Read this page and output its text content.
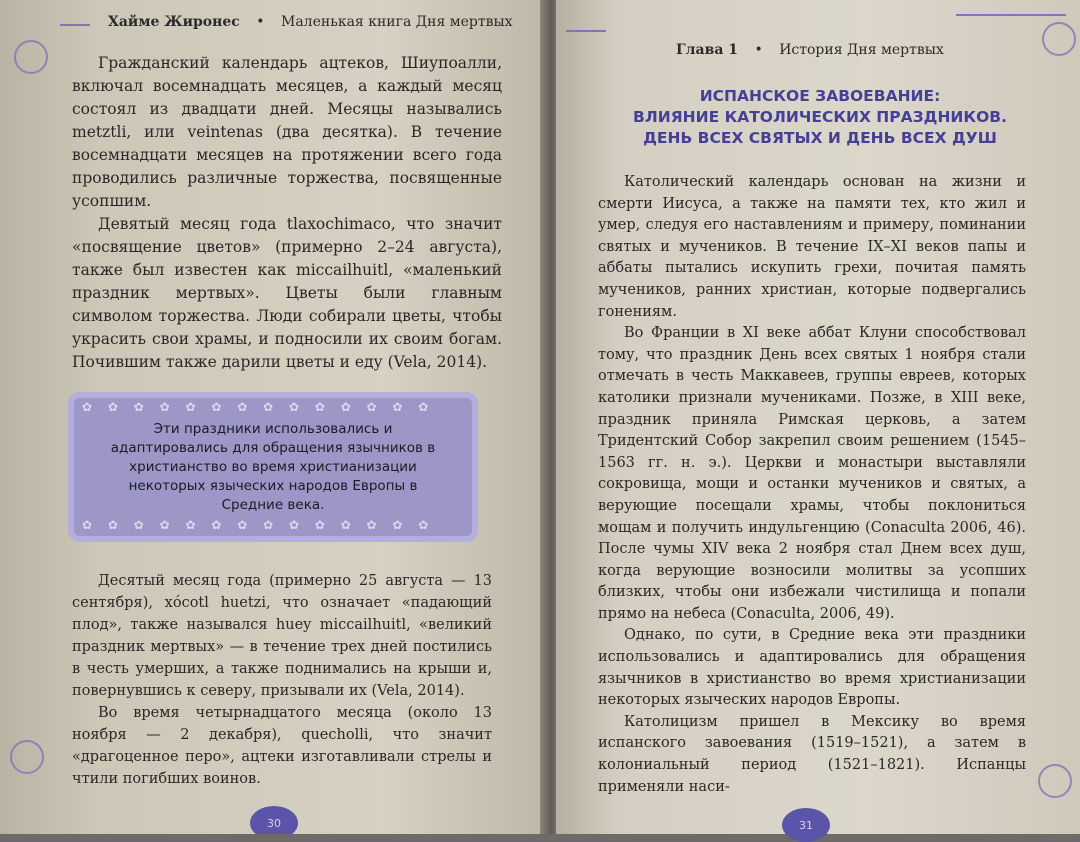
Хайме Жиронес • Маленькая книга Дня мертвых

Гражданский календарь ацтеков, Шиупоалли, включал восемнадцать месяцев, а каждый месяц состоял из двадцати дней. Месяцы назывались metztli, или veintenas (два десятка). В течение восемнадцати месяцев на протяжении всего года проводились различные торжества, посвященные усопшим.

Девятый месяц года tlaxochimaco, что значит «посвящение цветов» (примерно 2–24 августа), также был известен как miccailhuitl, «маленький праздник мертвых». Цветы были главным символом торжества. Люди собирали цветы, чтобы украсить свои храмы, и подносили их своим богам. Почившим также дарили цветы и еду (Vela, 2014).

✿ ✿ ✿ ✿ ✿ ✿ ✿ ✿ ✿ ✿ ✿ ✿ ✿ ✿
Эти праздники использовались и адаптировались для обращения язычников в христианство во время христианизации некоторых языческих народов Европы в Средние века.
✿ ✿ ✿ ✿ ✿ ✿ ✿ ✿ ✿ ✿ ✿ ✿ ✿ ✿

Десятый месяц года (примерно 25 августа — 13 сентября), xócotl huetzi, что означает «падающий плод», также назывался huey miccailhuitl, «великий праздник мертвых» — в течение трех дней постились в честь умерших, а также поднимались на крыши и, повернувшись к северу, призывали их (Vela, 2014).

Во время четырнадцатого месяца (около 13 ноября — 2 декабря), quecholli, что значит «драгоценное перо», ацтеки изготавливали стрелы и чтили погибших воинов.

30
Глава 1 • История Дня мертвых
ИСПАНСКОЕ ЗАВОЕВАНИЕ:
ВЛИЯНИЕ КАТОЛИЧЕСКИХ ПРАЗДНИКОВ.
ДЕНЬ ВСЕХ СВЯТЫХ И ДЕНЬ ВСЕХ ДУШ

Католический календарь основан на жизни и смерти Иисуса, а также на памяти тех, кто жил и умер, следуя его наставлениям и примеру, поминании святых и мучеников. В течение IX–XI веков папы и аббаты пытались искупить грехи, почитая память мучеников, ранних христиан, которые подвергались гонениям.

Во Франции в XI веке аббат Клуни способствовал тому, что праздник День всех святых 1 ноября стали отмечать в честь Маккавеев, группы евреев, которых католики признали мучениками. Позже, в XIII веке, праздник приняла Римская церковь, а затем Тридентский Собор закрепил своим решением (1545–1563 гг. н. э.). Церкви и монастыри выставляли сокровища, мощи и останки мучеников и святых, а верующие посещали храмы, чтобы поклониться мощам и получить индульгенцию (Conaculta 2006, 46). После чумы XIV века 2 ноября стал Днем всех душ, когда верующие возносили молитвы за усопших близких, чтобы они избежали чистилища и попали прямо на небеса (Conaculta, 2006, 49).

Однако, по сути, в Средние века эти праздники использовались и адаптировались для обращения язычников в христианство во время христианизации некоторых языческих народов Европы.

Католицизм пришел в Мексику во время испанского завоевания (1519–1521), а затем в колониальный период (1521–1821). Испанцы применяли наси-

31
